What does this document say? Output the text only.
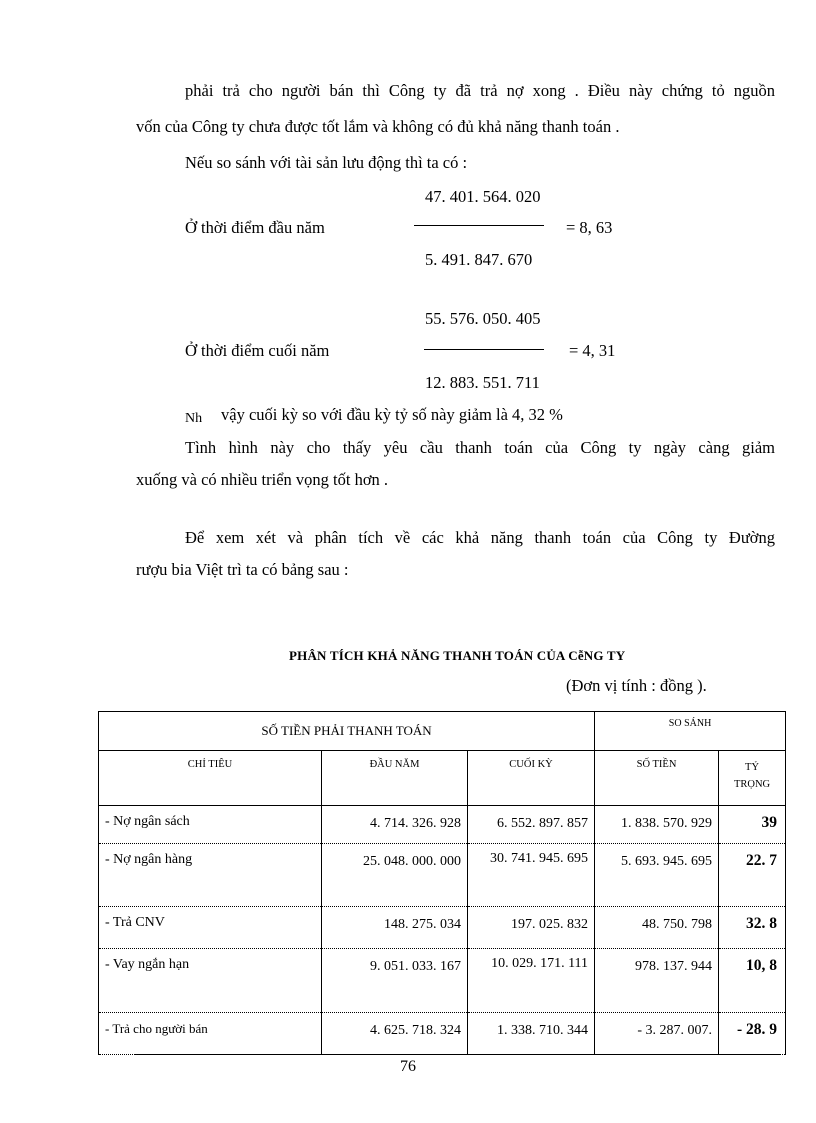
phải trả cho người bán thì Công ty đã trả nợ xong . Điều này chứng tỏ nguồn
vốn của Công ty chưa được tốt lắm và không có đủ khả năng thanh toán .
Nếu so sánh với tài sản lưu động thì ta có :
47. 401. 564. 020
Ở thời điểm đầu năm	= 8, 63
5. 491. 847. 670
55. 576. 050. 405
Ở thời điểm cuối năm	= 4, 31
12. 883. 551. 711
Nh vậy cuối kỳ so với đầu kỳ tỷ số này giảm là 4, 32 %
Tình hình này cho thấy yêu cầu thanh toán của Công ty ngày càng giảm
xuống và có nhiều triển vọng tốt hơn .
Để xem xét và phân tích về các khả năng thanh toán của Công ty Đường
rượu bia Việt trì ta có bảng sau :
PHÂN TÍCH KHẢ NĂNG THANH TOÁN CỦA CễNG TY
(Đơn vị tính : đồng ).
SỐ TIỀN PHẢI THANH TOÁN			SO SÁNH	
CHỈ TIÊU	ĐẦU NĂM	CUỐI KỲ	SỐ TIỀN	TỶ TRỌNG

- Nợ ngân sách	4. 714. 326. 928	6. 552. 897. 857	1. 838. 570. 929	39
- Nợ ngân hàng	25. 048. 000. 000	30. 741. 945. 695	5. 693. 945. 695	22. 7
- Trả CNV	148. 275. 034	197. 025. 832	48. 750. 798	32. 8
- Vay ngắn hạn	9. 051. 033. 167	10. 029. 171. 111	978. 137. 944	10, 8
- Trả cho người bán	4. 625. 718. 324	1. 338. 710. 344	- 3. 287. 007.	- 28. 9
76
